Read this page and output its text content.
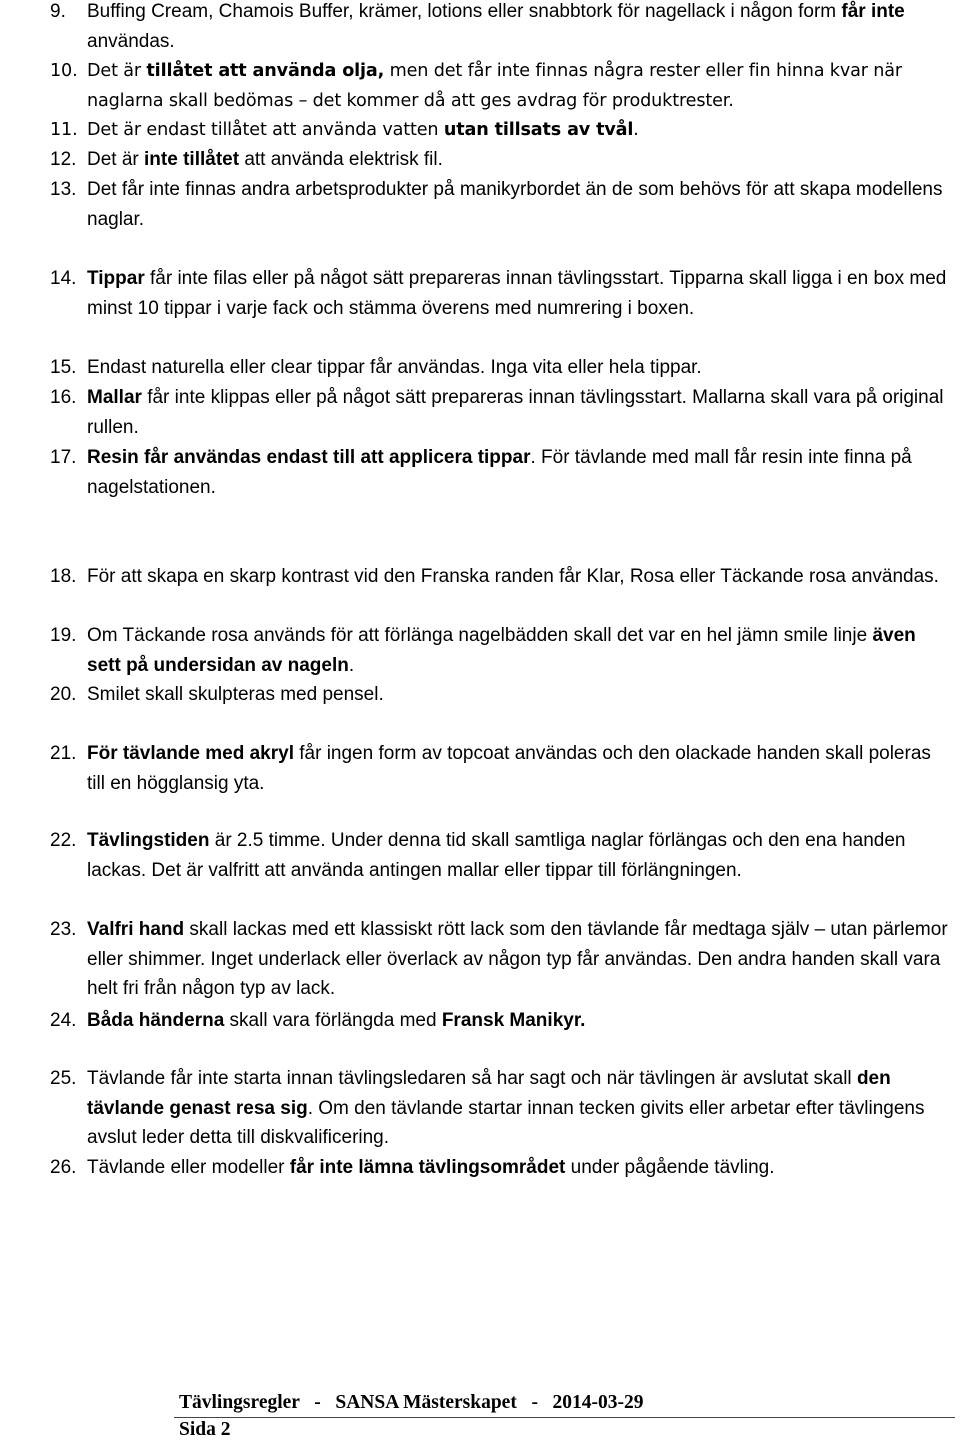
9. Buffing Cream, Chamois Buffer, krämer, lotions eller snabbtork för nagellack i någon form får inte användas.
10. Det är tillåtet att använda olja, men det får inte finnas några rester eller fin hinna kvar när naglarna skall bedömas – det kommer då att ges avdrag för produktrester.
11. Det är endast tillåtet att använda vatten utan tillsats av tvål.
12. Det är inte tillåtet att använda elektrisk fil.
13. Det får inte finnas andra arbetsprodukter på manikyrbordet än de som behövs för att skapa modellens naglar.
14. Tippar får inte filas eller på något sätt prepareras innan tävlingsstart. Tipparna skall ligga i en box med minst 10 tippar i varje fack och stämma överens med numrering i boxen.
15. Endast naturella eller clear tippar får användas. Inga vita eller hela tippar.
16. Mallar får inte klippas eller på något sätt prepareras innan tävlingsstart. Mallarna skall vara på original rullen.
17. Resin får användas endast till att applicera tippar. För tävlande med mall får resin inte finna på nagelstationen.
18. För att skapa en skarp kontrast vid den Franska randen får Klar, Rosa eller Täckande rosa användas.
19. Om Täckande rosa används för att förlänga nagelbädden skall det var en hel jämn smile linje även sett på undersidan av nageln.
20. Smilet skall skulpteras med pensel.
21. För tävlande med akryl får ingen form av topcoat användas och den olackade handen skall poleras till en högglansig yta.
22. Tävlingstiden är 2.5 timme. Under denna tid skall samtliga naglar förlängas och den ena handen lackas. Det är valfritt att använda antingen mallar eller tippar till förlängningen.
23. Valfri hand skall lackas med ett klassiskt rött lack som den tävlande får medtaga själv – utan pärlemor eller shimmer. Inget underlack eller överlack av någon typ får användas. Den andra handen skall vara helt fri från någon typ av lack.
24. Båda händerna skall vara förlängda med Fransk Manikyr.
25. Tävlande får inte starta innan tävlingsledaren så har sagt och när tävlingen är avslutat skall den tävlande genast resa sig. Om den tävlande startar innan tecken givits eller arbetar efter tävlingens avslut leder detta till diskvalificering.
26. Tävlande eller modeller får inte lämna tävlingsområdet under pågående tävling.
Tävlingsregler   -   SANSA Mästerskapet   -   2014-03-29
Sida 2
